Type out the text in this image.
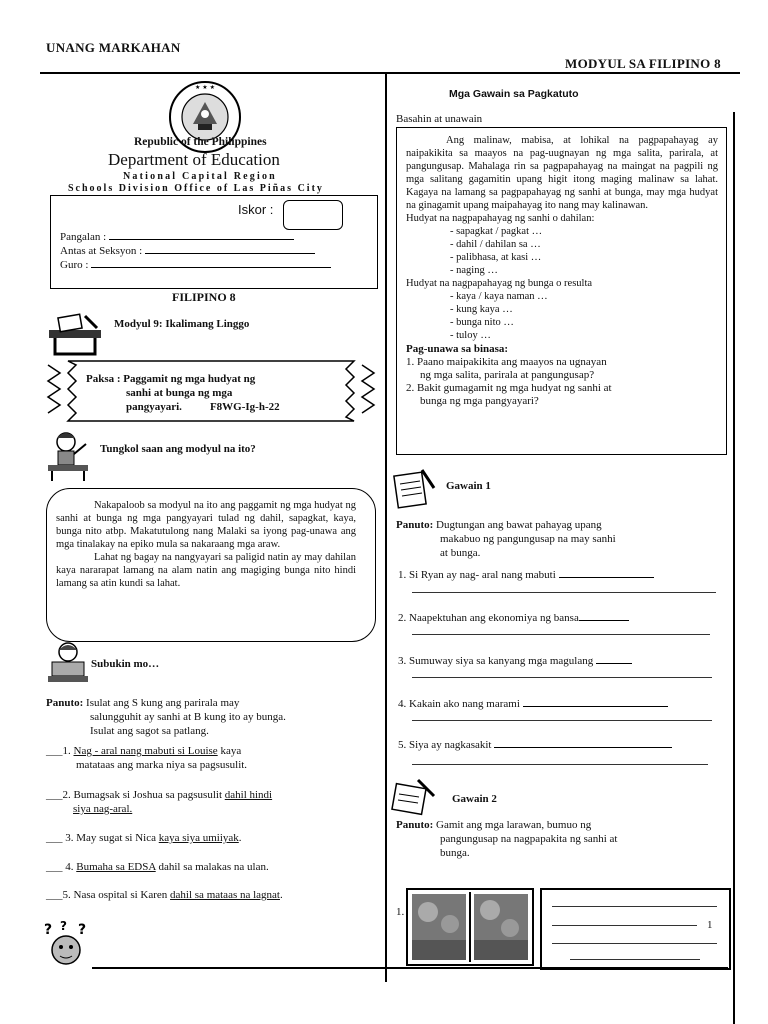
UNANG MARKAHAN
MODYUL SA FILIPINO 8
★ ★ ★
Republic of the Philippines
Department of Education
National Capital Region
Schools Division Office of Las Piñas City
Iskor :
Pangalan :
Antas at Seksyon :
Guro :
FILIPINO 8
Modyul 9: Ikalimang Linggo
Paksa : Paggamit ng mga hudyat ng
sanhi at bunga ng mga
pangyayari.	F8WG-Ig-h-22
Tungkol saan ang modyul na ito?
Nakapaloob sa modyul na ito ang paggamit ng mga hudyat ng sanhi at bunga ng mga pangyayari tulad ng dahil, sapagkat, kaya, bunga nito atbp. Makatutulong nang Malaki sa iyong pag-unawa ang mga tinalakay na epiko mula sa nakaraang mga araw.
Lahat ng bagay na nangyayari sa paligid natin ay may dahilan kaya nararapat lamang na alam natin ang magiging bunga nito hindi lamang sa atin kundi sa lahat.
Subukin mo…
Panuto: Isulat ang S kung ang parirala may
salungguhit ay sanhi at B kung ito ay bunga.
Isulat ang sagot sa patlang.
___1. Nag - aral nang mabuti si Louise kaya
matataas ang marka niya sa pagsusulit.
___2. Bumagsak si Joshua sa pagsusulit dahil hindi
siya nag-aral.
___ 3. May sugat si Nica kaya siya umiiyak.
___ 4. Bumaha sa EDSA dahil sa malakas na ulan.
___5. Nasa ospital si Karen dahil sa mataas na lagnat.
? ? ?
Mga Gawain sa Pagkatuto
Basahin at unawain
Ang malinaw, mabisa, at lohikal na pagpapahayag ay naipakikita sa maayos na pag-uugnayan ng mga salita, parirala, at pangungusap. Mahalaga rin sa pagpapahayag na maingat na pagpili ng mga salitang gagamitin upang higit itong maging malinaw sa lahat. Kagaya na lamang sa pagpapahayag ng sanhi at bunga, may mga hudyat na ginagamit upang maipahayag ito nang may kalinawan.
Hudyat na nagpapahayag ng sanhi o dahilan:
- sapagkat / pagkat …
- dahil / dahilan sa …
- palibhasa, at kasi …
- naging …
Hudyat na nagpapahayag ng bunga o resulta
- kaya / kaya naman …
- kung kaya …
- bunga nito …
- tuloy …
Pag-unawa sa binasa:
1. Paano maipakikita ang maayos na ugnayan
ng mga salita, parirala at pangungusap?
2. Bakit gumagamit ng mga hudyat ng sanhi at
bunga ng mga pangyayari?
Gawain 1
Panuto: Dugtungan ang bawat pahayag upang
makabuo ng pangungusap na may sanhi
at bunga.
1. Si Ryan ay nag- aral nang mabuti
2. Naapektuhan ang ekonomiya ng bansa
3. Sumuway siya sa kanyang mga magulang
4. Kakain ako nang marami
5. Siya ay nagkasakit
Gawain 2
Panuto: Gamit ang mga larawan, bumuo ng
pangungusap na nagpapakita ng sanhi at
bunga.
1.
1
